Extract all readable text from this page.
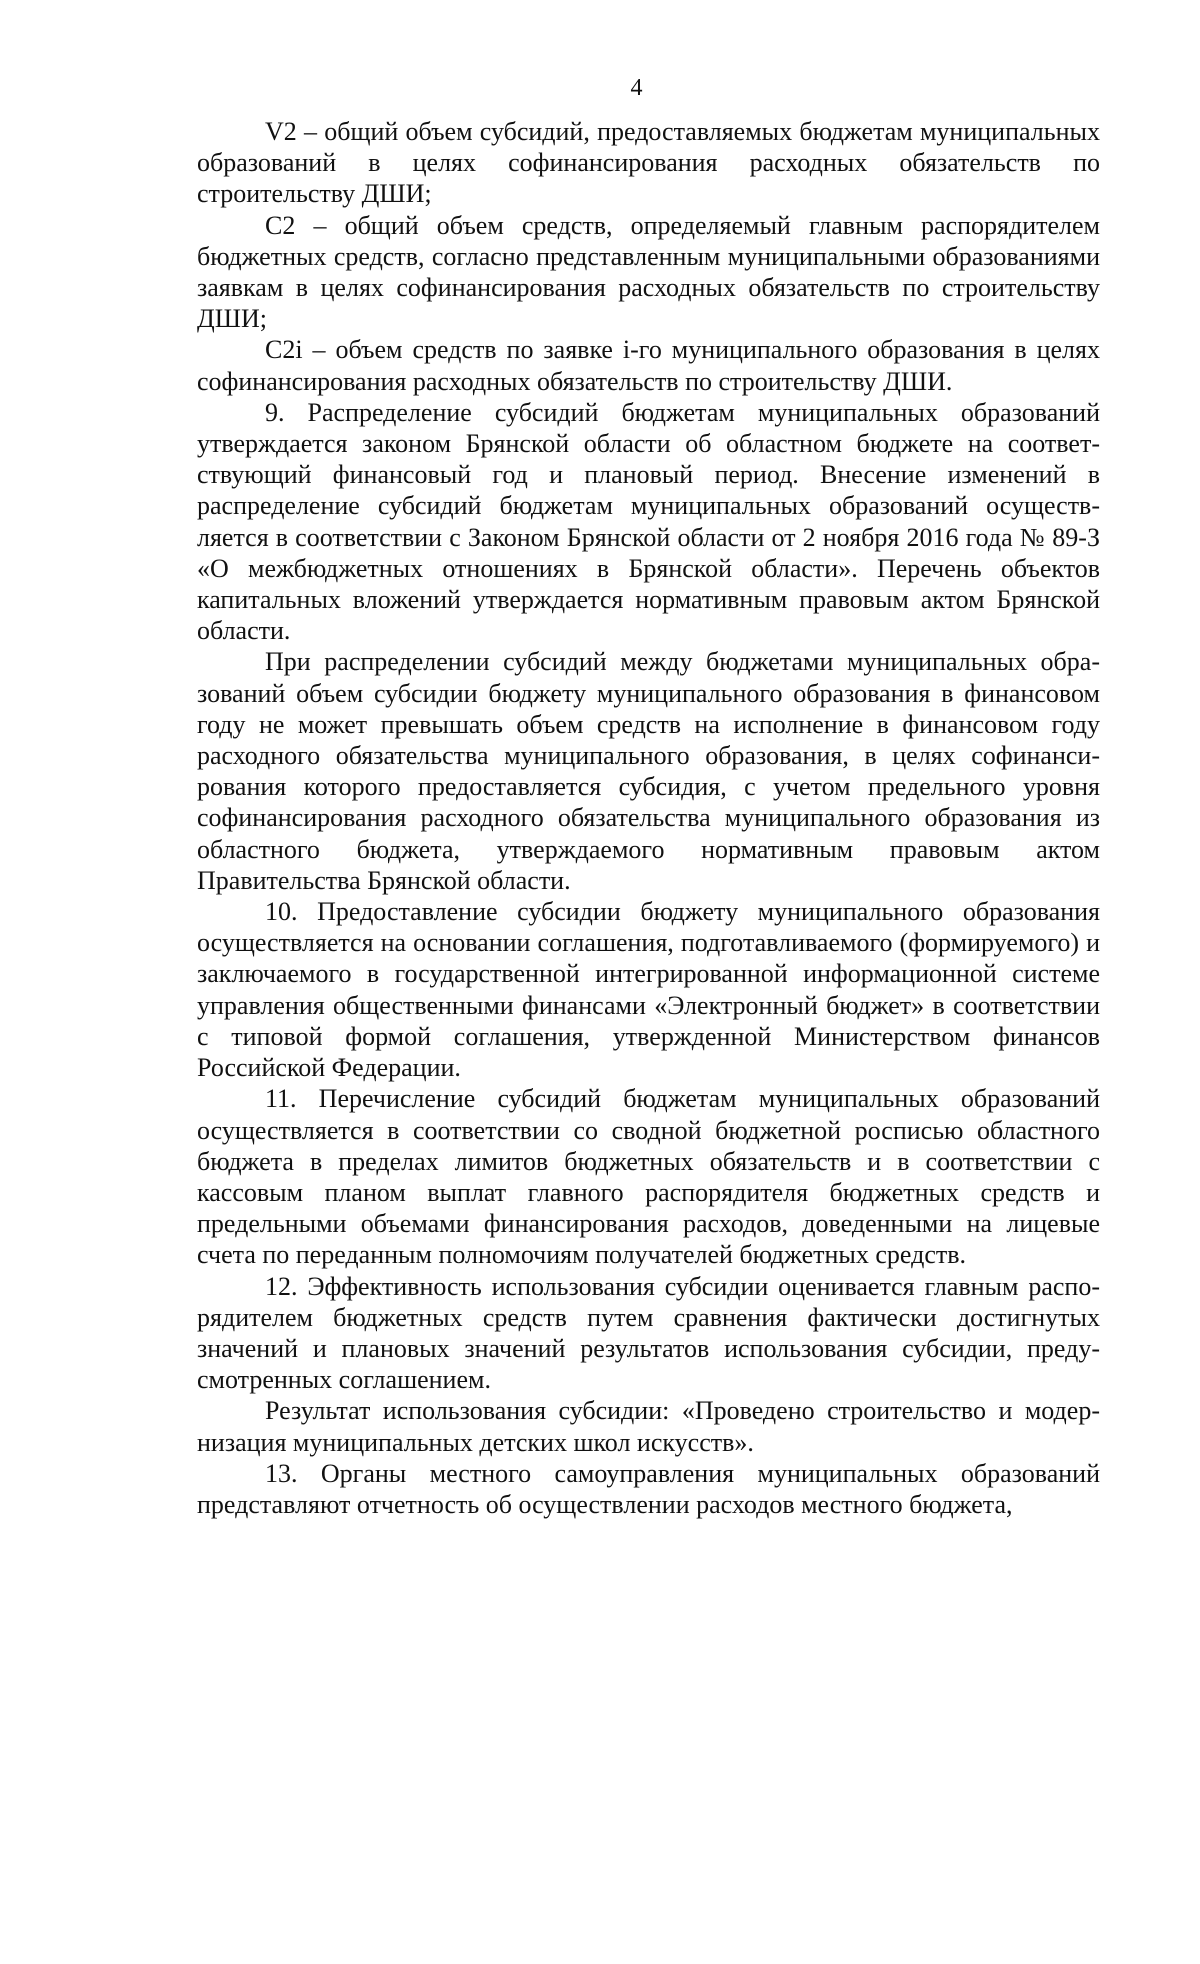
4

V2 – общий объем субсидий, предоставляемых бюджетам муниципальных образований в целях софинансирования расходных обязательств по строительству ДШИ;

С2 – общий объем средств, определяемый главным распорядителем бюджетных средств, согласно представленным муниципальными образованиями заявкам в целях софинансирования расходных обязательств по строительству ДШИ;

C2i – объем средств по заявке i-го муниципального образования в целях софинансирования расходных обязательств по строительству ДШИ.

9. Распределение субсидий бюджетам муниципальных образований утверждается законом Брянской области об областном бюджете на соответствующий финансовый год и плановый период. Внесение изменений в распределение субсидий бюджетам муниципальных образований осуществляется в соответствии с Законом Брянской области от 2 ноября 2016 года № 89-З «О межбюджетных отношениях в Брянской области». Перечень объектов капитальных вложений утверждается нормативным правовым актом Брянской области.

При распределении субсидий между бюджетами муниципальных образований объем субсидии бюджету муниципального образования в финансовом году не может превышать объем средств на исполнение в финансовом году расходного обязательства муниципального образования, в целях софинансирования которого предоставляется субсидия, с учетом предельного уровня софинансирования расходного обязательства муниципального образования из областного бюджета, утверждаемого нормативным правовым актом Правительства Брянской области.

10. Предоставление субсидии бюджету муниципального образования осуществляется на основании соглашения, подготавливаемого (формируемого) и заключаемого в государственной интегрированной информационной системе управления общественными финансами «Электронный бюджет» в соответствии с типовой формой соглашения, утвержденной Министерством финансов Российской Федерации.

11. Перечисление субсидий бюджетам муниципальных образований осуществляется в соответствии со сводной бюджетной росписью областного бюджета в пределах лимитов бюджетных обязательств и в соответствии с кассовым планом выплат главного распорядителя бюджетных средств и предельными объемами финансирования расходов, доведенными на лицевые счета по переданным полномочиям получателей бюджетных средств.

12. Эффективность использования субсидии оценивается главным распорядителем бюджетных средств путем сравнения фактически достигнутых значений и плановых значений результатов использования субсидии, предусмотренных соглашением.

Результат использования субсидии: «Проведено строительство и модернизация муниципальных детских школ искусств».

13. Органы местного самоуправления муниципальных образований представляют отчетность об осуществлении расходов местного бюджета,
